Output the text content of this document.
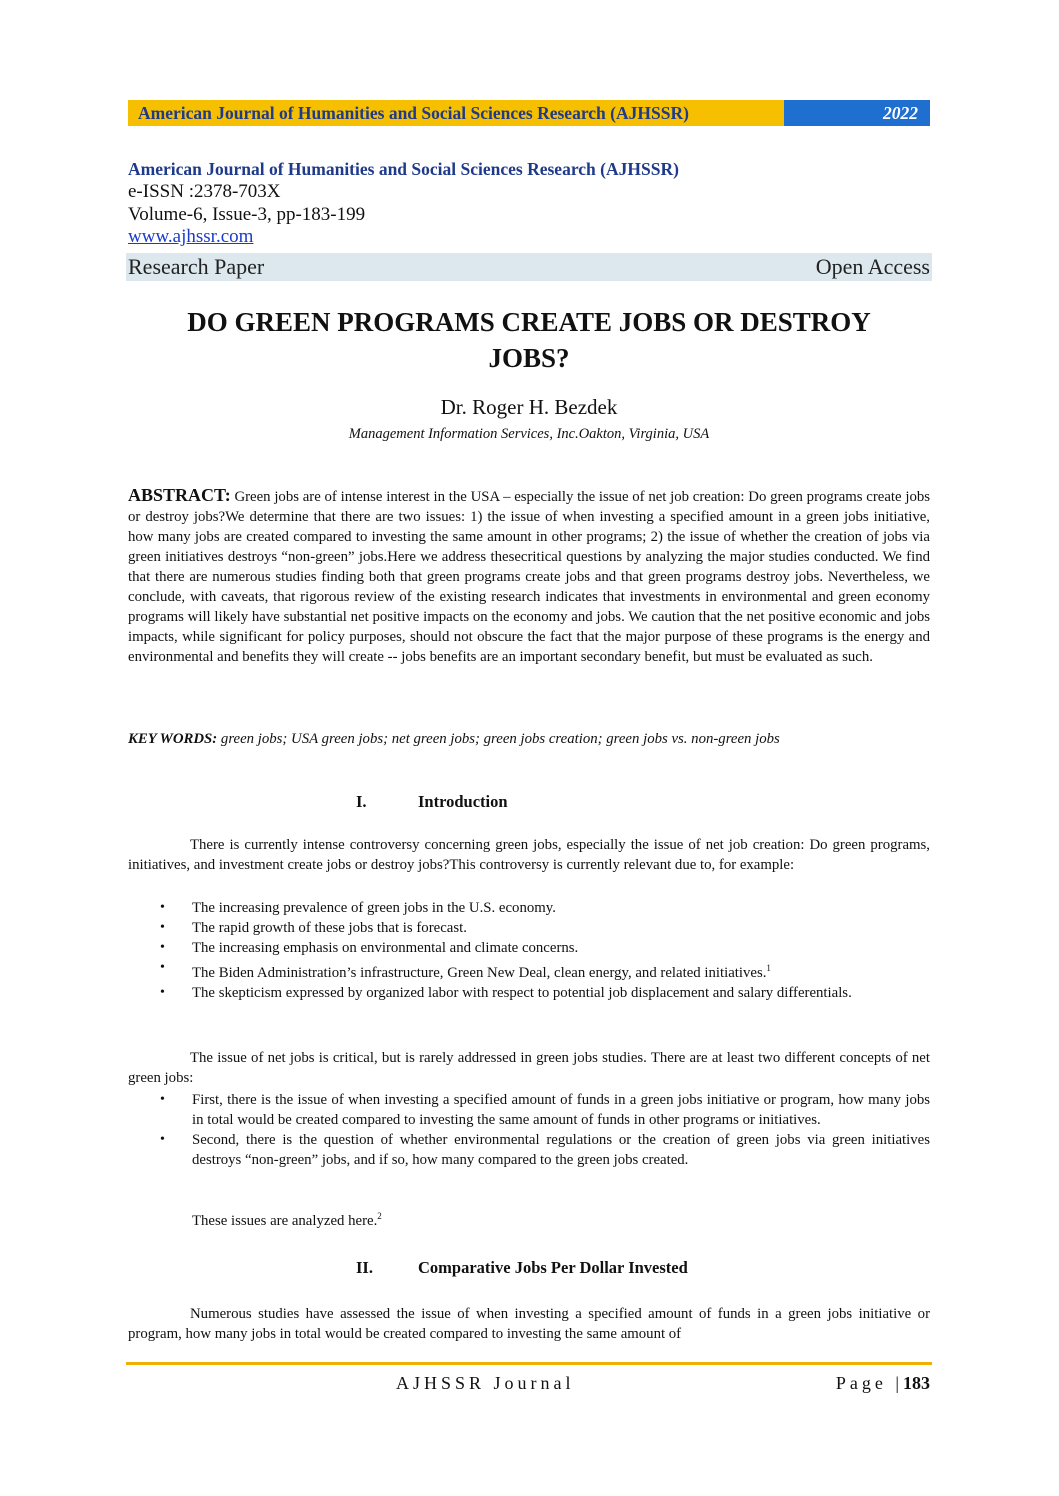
American Journal of Humanities and Social Sciences Research (AJHSSR)	2022
American Journal of Humanities and Social Sciences Research (AJHSSR)
e-ISSN :2378-703X
Volume-6, Issue-3, pp-183-199
www.ajhssr.com
Research Paper	Open Access
DO GREEN PROGRAMS CREATE JOBS OR DESTROY
JOBS?
Dr. Roger H. Bezdek
Management Information Services, Inc.Oakton, Virginia, USA
ABSTRACT: Green jobs are of intense interest in the USA – especially the issue of net job creation: Do green programs create jobs or destroy jobs?We determine that there are two issues: 1) the issue of when investing a specified amount in a green jobs initiative, how many jobs are created compared to investing the same amount in other programs; 2) the issue of whether the creation of jobs via green initiatives destroys “non-green” jobs.Here we address thesecritical questions by analyzing the major studies conducted. We find that there are numerous studies finding both that green programs create jobs and that green programs destroy jobs. Nevertheless, we conclude, with caveats, that rigorous review of the existing research indicates that investments in environmental and green economy programs will likely have substantial net positive impacts on the economy and jobs. We caution that the net positive economic and jobs impacts, while significant for policy purposes, should not obscure the fact that the major purpose of these programs is the energy and environmental and benefits they will create -- jobs benefits are an important secondary benefit, but must be evaluated as such.
KEY WORDS: green jobs; USA green jobs; net green jobs; green jobs creation; green jobs vs. non-green jobs
I.	Introduction
There is currently intense controversy concerning green jobs, especially the issue of net job creation: Do green programs, initiatives, and investment create jobs or destroy jobs?This controversy is currently relevant due to, for example:
• The increasing prevalence of green jobs in the U.S. economy.
• The rapid growth of these jobs that is forecast.
• The increasing emphasis on environmental and climate concerns.
• The Biden Administration’s infrastructure, Green New Deal, clean energy, and related initiatives.$^1$
• The skepticism expressed by organized labor with respect to potential job displacement and salary differentials.
The issue of net jobs is critical, but is rarely addressed in green jobs studies. There are at least two different concepts of net green jobs:
• First, there is the issue of when investing a specified amount of funds in a green jobs initiative or program, how many jobs in total would be created compared to investing the same amount of funds in other programs or initiatives.
• Second, there is the question of whether environmental regulations or the creation of green jobs via green initiatives destroys “non-green” jobs, and if so, how many compared to the green jobs created.
These issues are analyzed here.$^2$
II.	Comparative Jobs Per Dollar Invested
Numerous studies have assessed the issue of when investing a specified amount of funds in a green jobs initiative or program, how many jobs in total would be created compared to investing the same amount of
AJHSSR Journal	Page |183
